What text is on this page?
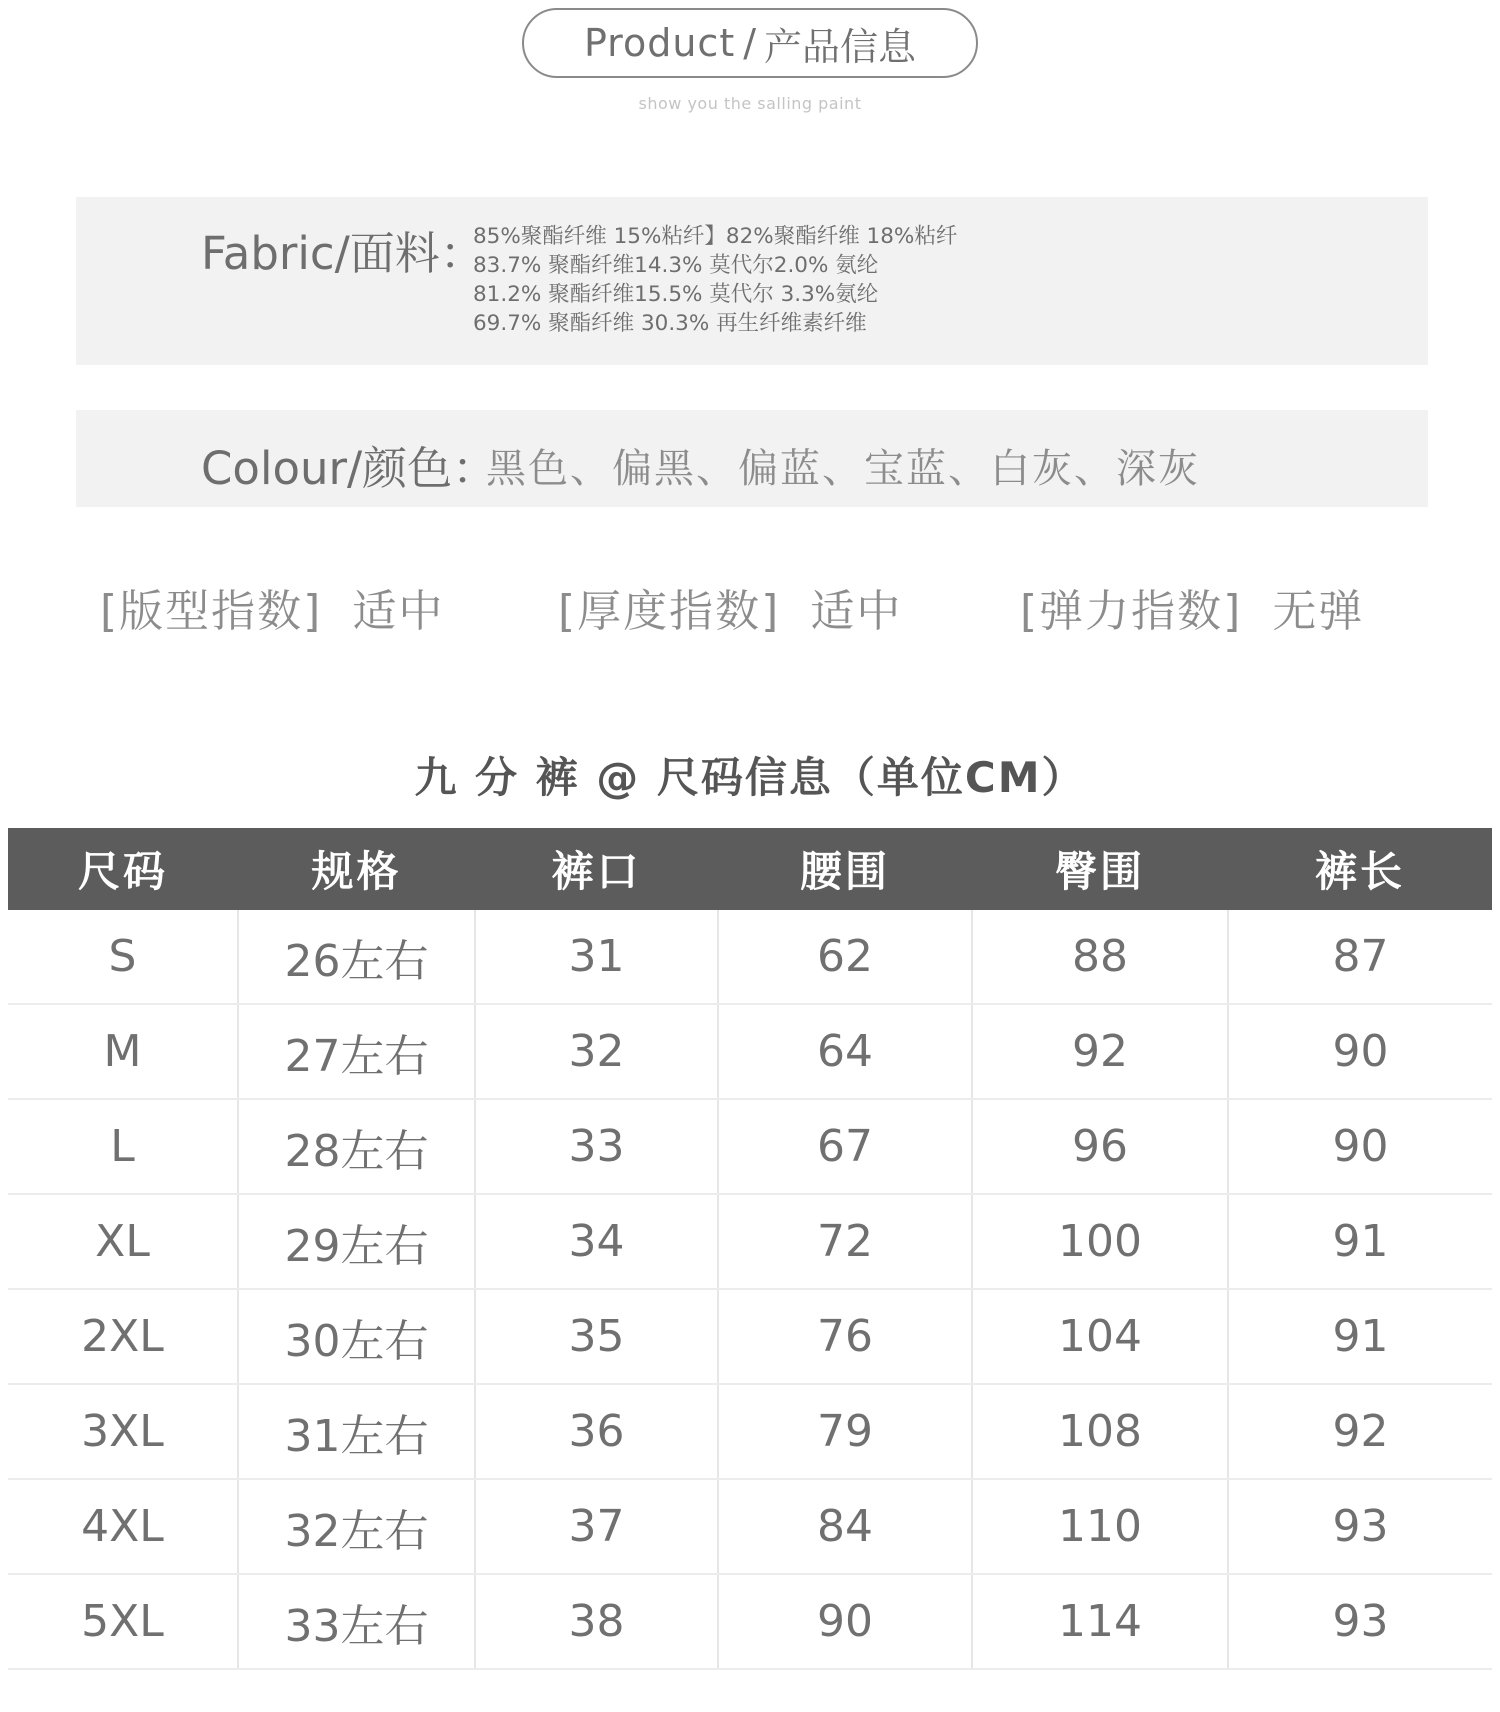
Product / 产品信息
show you the salling paint
Fabric/面料：
85%聚酯纤维 15%粘纤】82%聚酯纤维 18%粘纤
83.7% 聚酯纤维14.3% 莫代尔2.0% 氨纶
81.2% 聚酯纤维15.5% 莫代尔 3.3%氨纶
69.7% 聚酯纤维 30.3% 再生纤维素纤维
Colour/颜色：
黑色、偏黑、偏蓝、宝蓝、白灰、深灰
[版型指数] 适中	[厚度指数] 适中	[弹力指数] 无弹
九 分 裤 @ 尺码信息（单位CM）
尺码	规格	裤口	腰围	臀围	裤长
S	26左右	31	62	88	87
M	27左右	32	64	92	90
L	28左右	33	67	96	90
XL	29左右	34	72	100	91
2XL	30左右	35	76	104	91
3XL	31左右	36	79	108	92
4XL	32左右	37	84	110	93
5XL	33左右	38	90	114	93
